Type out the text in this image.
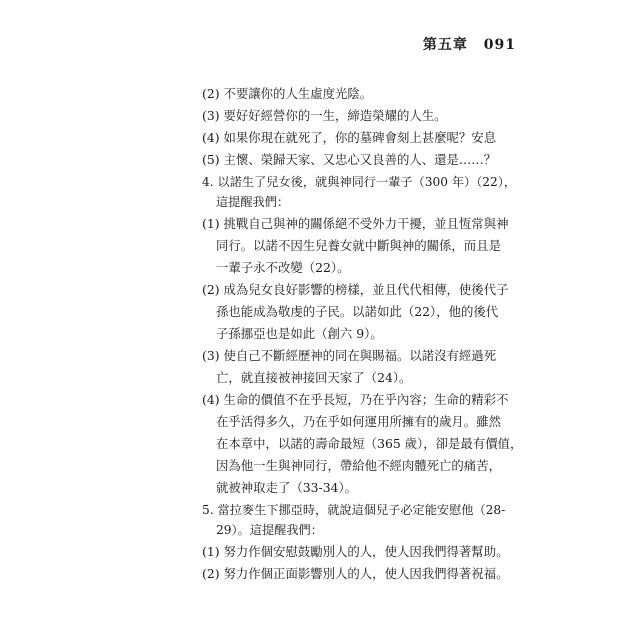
第五章 091
(2) 不要讓你的人生虛度光陰。
(3) 要好好經營你的一生，締造榮耀的人生。
(4) 如果你現在就死了，你的墓碑會刻上甚麼呢？安息
(5) 主懷、榮歸天家、又忠心又良善的人、還是……？
4. 以諾生了兒女後，就與神同行一輩子（300 年）（22），
這提醒我們：
(1) 挑戰自己與神的關係絕不受外力干擾，並且恆常與神
同行。以諾不因生兒養女就中斷與神的關係，而且是
一輩子永不改變（22）。
(2) 成為兒女良好影響的榜樣，並且代代相傳，使後代子
孫也能成為敬虔的子民。以諾如此（22），他的後代
子孫挪亞也是如此（創六 9）。
(3) 使自己不斷經歷神的同在與賜福。以諾沒有經過死
亡，就直接被神接回天家了（24）。
(4) 生命的價值不在乎長短，乃在乎內容；生命的精彩不
在乎活得多久，乃在乎如何運用所擁有的歲月。雖然
在本章中，以諾的壽命最短（365 歲），卻是最有價值，
因為他一生與神同行，帶給他不經肉體死亡的痛苦，
就被神取走了（33-34）。
5. 當拉麥生下挪亞時，就說這個兒子必定能安慰他（28-
29）。這提醒我們：
(1) 努力作個安慰鼓勵別人的人，使人因我們得著幫助。
(2) 努力作個正面影響別人的人，使人因我們得著祝福。
